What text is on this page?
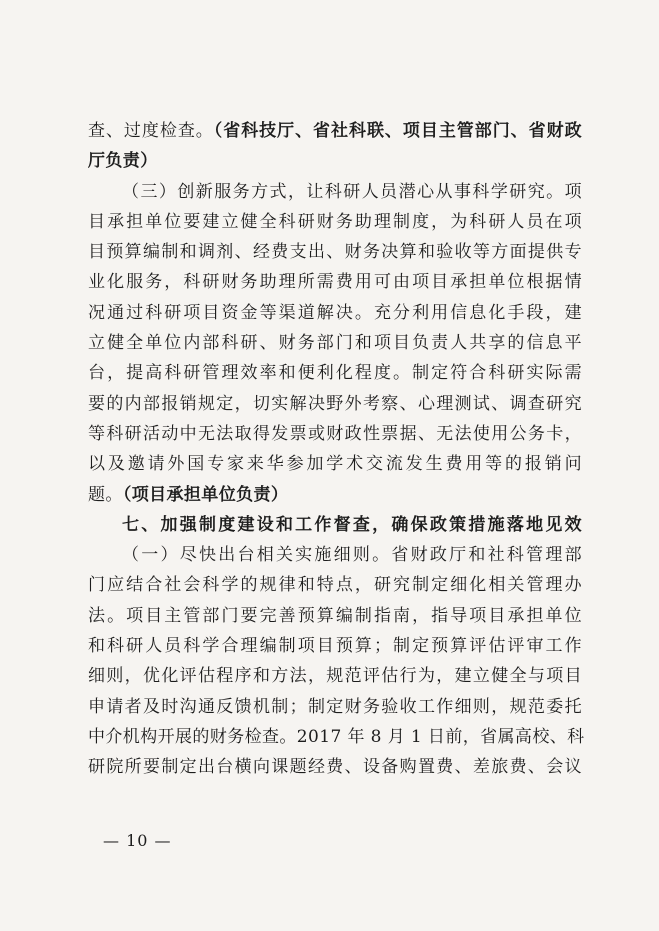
查、过度检查。（省科技厅、省社科联、项目主管部门、省财政
厅负责）
（三）创新服务方式，让科研人员潜心从事科学研究。项
目承担单位要建立健全科研财务助理制度，为科研人员在项
目预算编制和调剂、经费支出、财务决算和验收等方面提供专
业化服务，科研财务助理所需费用可由项目承担单位根据情
况通过科研项目资金等渠道解决。充分利用信息化手段，建
立健全单位内部科研、财务部门和项目负责人共享的信息平
台，提高科研管理效率和便利化程度。制定符合科研实际需
要的内部报销规定，切实解决野外考察、心理测试、调查研究
等科研活动中无法取得发票或财政性票据、无法使用公务卡，
以及邀请外国专家来华参加学术交流发生费用等的报销问
题。（项目承担单位负责）
七、加强制度建设和工作督查，确保政策措施落地见效
（一）尽快出台相关实施细则。省财政厅和社科管理部
门应结合社会科学的规律和特点，研究制定细化相关管理办
法。项目主管部门要完善预算编制指南，指导项目承担单位
和科研人员科学合理编制项目预算；制定预算评估评审工作
细则，优化评估程序和方法，规范评估行为，建立健全与项目
申请者及时沟通反馈机制；制定财务验收工作细则，规范委托
中介机构开展的财务检查。2017 年 8 月 1 日前，省属高校、科
研院所要制定出台横向课题经费、设备购置费、差旅费、会议
— 10 —
